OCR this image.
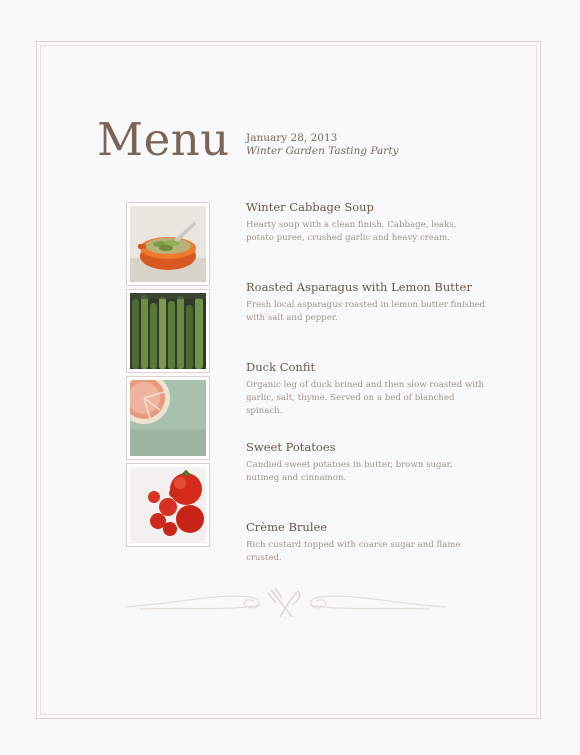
Menu January 28, 2013
Winter Garden Tasting Party

Winter Cabbage Soup

Hearty soup with a clean finish. Cabbage, leaks, potato puree, crushed garlic and heavy cream.

Roasted Asparagus with Lemon Butter

Fresh local asparagus roasted in lemon butter finished with salt and pepper.

Duck Confit

Organic leg of duck brined and then slow roasted with garlic, salt, thyme. Served on a bed of blanched spinach.

Sweet Potatoes

Candied sweet potatoes in butter, brown sugar, nutmeg and cinnamon.

Crème Brulee

Rich custard topped with coarse sugar and flame crusted.
